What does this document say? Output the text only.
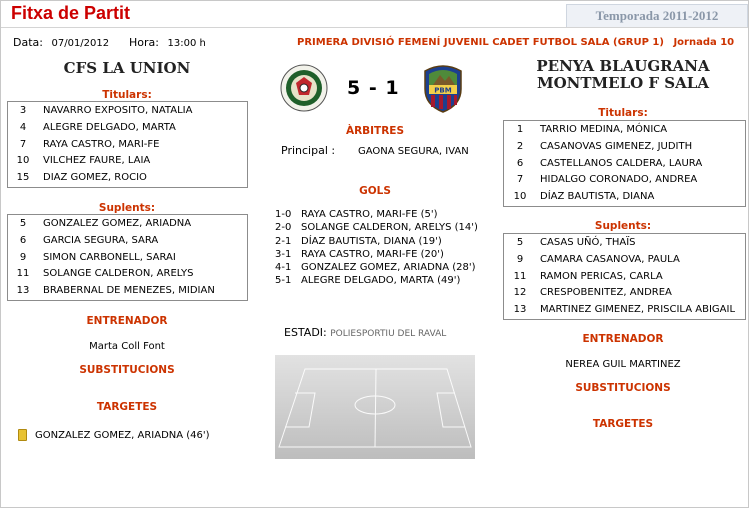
Fitxa de Partit	Temporada 2011-2012
Data: 07/01/2012 Hora: 13:00 h	PRIMERA DIVISIÓ FEMENÍ JUVENIL CADET FUTBOL SALA (GRUP 1) Jornada 10
CFS LA UNION
Titulars:
3	NAVARRO EXPOSITO, NATALIA
4	ALEGRE DELGADO, MARTA
7	RAYA CASTRO, MARI-FE
10	VILCHEZ FAURE, LAIA
15	DIAZ GOMEZ, ROCIO
Suplents:
5	GONZALEZ GOMEZ, ARIADNA
6	GARCIA SEGURA, SARA
9	SIMON CARBONELL, SARAI
11	SOLANGE CALDERON, ARELYS
13	BRABERNAL DE MENEZES, MIDIAN
ENTRENADOR
Marta Coll Font
SUBSTITUCIONS
TARGETES
GONZALEZ GOMEZ, ARIADNA (46')
5 - 1	PBM
ÀRBITRES
Principal : GAONA SEGURA, IVAN
GOLS
1-0 RAYA CASTRO, MARI-FE (5')
2-0 SOLANGE CALDERON, ARELYS (14')
2-1 DÍAZ BAUTISTA, DIANA (19')
3-1 RAYA CASTRO, MARI-FE (20')
4-1 GONZALEZ GOMEZ, ARIADNA (28')
5-1 ALEGRE DELGADO, MARTA (49')
ESTADI: POLIESPORTIU DEL RAVAL
PENYA BLAUGRANA
MONTMELO F SALA
Titulars:
1	TARRIO MEDINA, MÓNICA
2	CASANOVAS GIMENEZ, JUDITH
6	CASTELLANOS CALDERA, LAURA
7	HIDALGO CORONADO, ANDREA
10	DÍAZ BAUTISTA, DIANA
Suplents:
5	CASAS UÑÓ, THAÏS
9	CAMARA CASANOVA, PAULA
11	RAMON PERICAS, CARLA
12	CRESPOBENITEZ, ANDREA
13	MARTINEZ GIMENEZ, PRISCILA ABIGAIL
ENTRENADOR
NEREA GUIL MARTINEZ
SUBSTITUCIONS
TARGETES
